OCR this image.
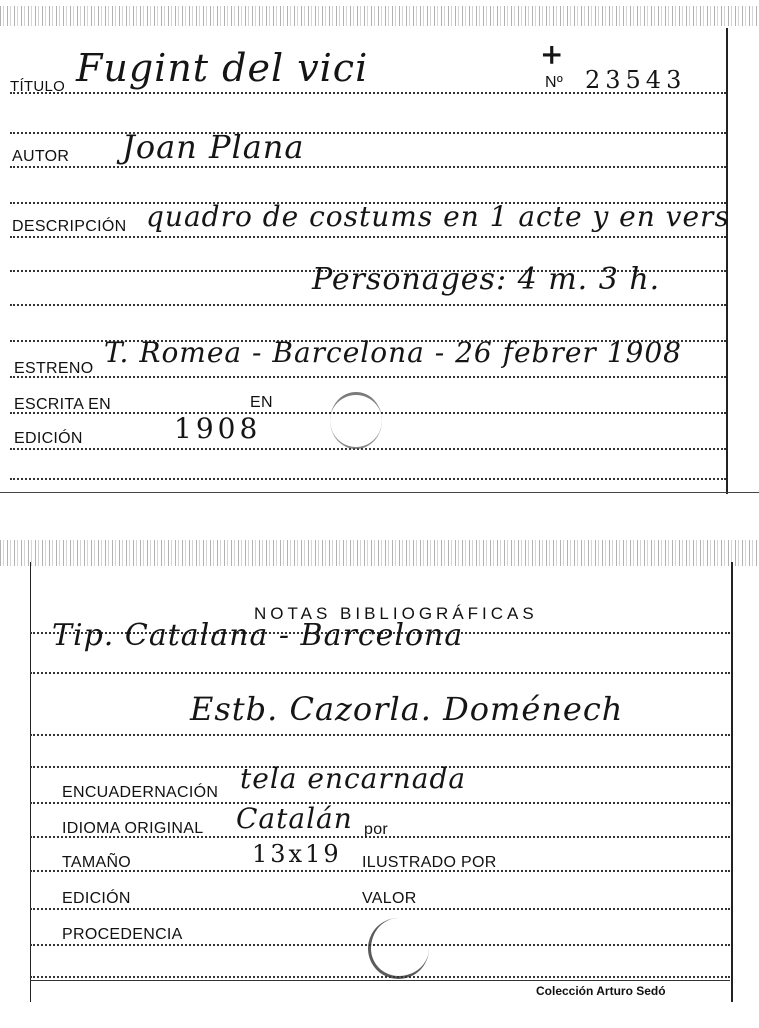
+
TÍTULO Fugint del vici	Nº 23543
AUTOR Joan Plana
DESCRIPCIÓN quadro de costums en 1 acte y en vers
Personages: 4 m. 3 h.
ESTRENO T. Romea - Barcelona - 26 febrer 1908
ESCRITA EN	EN
EDICIÓN	1908
NOTAS BIBLIOGRÁFICAS
Tip. Catalana - Barcelona
Estb. Cazorla. Doménech
ENCUADERNACIÓN tela encarnada
IDIOMA ORIGINAL Catalán por
TAMAÑO	13x19 ILUSTRADO POR
EDICIÓN	VALOR
PROCEDENCIA
Colección Arturo Sedó
